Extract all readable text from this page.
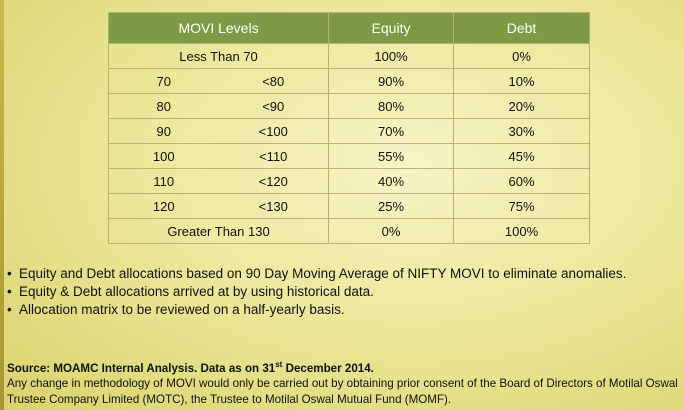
MOVI Levels		Equity	Debt
Less Than 70		100%	0%
70	<80	90%	10%
80	<90	80%	20%
90	<100	70%	30%
100	<110	55%	45%
110	<120	40%	60%
120	<130	25%	75%
Greater Than 130		0%	100%
• Equity and Debt allocations based on 90 Day Moving Average of NIFTY MOVI to eliminate anomalies.
• Equity & Debt allocations arrived at by using historical data.
• Allocation matrix to be reviewed on a half-yearly basis.
Source: MOAMC Internal Analysis. Data as on 31st December 2014.
Any change in methodology of MOVI would only be carried out by obtaining prior consent of the Board of Directors of Motilal Oswal Trustee Company Limited (MOTC), the Trustee to Motilal Oswal Mutual Fund (MOMF).
